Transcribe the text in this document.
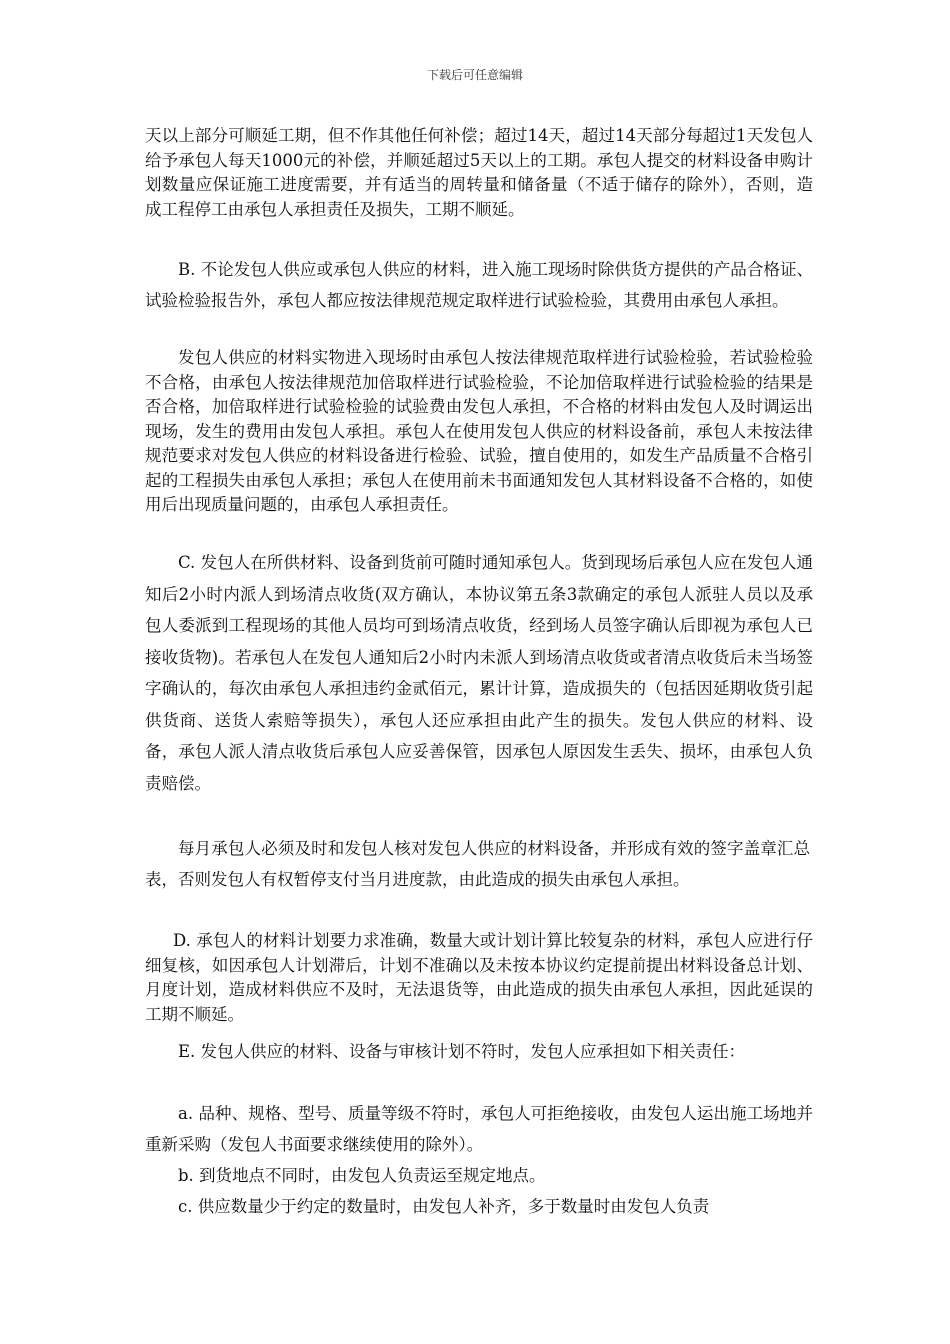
下载后可任意编辑

天以上部分可顺延工期，但不作其他任何补偿；超过14天，超过14天部分每超过1天发包人给予承包人每天1000元的补偿，并顺延超过5天以上的工期。承包人提交的材料设备申购计划数量应保证施工进度需要，并有适当的周转量和储备量（不适于储存的除外），否则，造成工程停工由承包人承担责任及损失，工期不顺延。

B. 不论发包人供应或承包人供应的材料，进入施工现场时除供货方提供的产品合格证、试验检验报告外，承包人都应按法律规范规定取样进行试验检验，其费用由承包人承担。

发包人供应的材料实物进入现场时由承包人按法律规范取样进行试验检验，若试验检验不合格，由承包人按法律规范加倍取样进行试验检验，不论加倍取样进行试验检验的结果是否合格，加倍取样进行试验检验的试验费由发包人承担，不合格的材料由发包人及时调运出现场，发生的费用由发包人承担。承包人在使用发包人供应的材料设备前，承包人未按法律规范要求对发包人供应的材料设备进行检验、试验，擅自使用的，如发生产品质量不合格引起的工程损失由承包人承担；承包人在使用前未书面通知发包人其材料设备不合格的，如使用后出现质量问题的，由承包人承担责任。

C. 发包人在所供材料、设备到货前可随时通知承包人。货到现场后承包人应在发包人通知后2小时内派人到场清点收货(双方确认，本协议第五条3款确定的承包人派驻人员以及承包人委派到工程现场的其他人员均可到场清点收货，经到场人员签字确认后即视为承包人已接收货物)。若承包人在发包人通知后2小时内未派人到场清点收货或者清点收货后未当场签字确认的，每次由承包人承担违约金贰佰元，累计计算，造成损失的（包括因延期收货引起供货商、送货人索赔等损失），承包人还应承担由此产生的损失。发包人供应的材料、设备，承包人派人清点收货后承包人应妥善保管，因承包人原因发生丢失、损坏，由承包人负责赔偿。

每月承包人必须及时和发包人核对发包人供应的材料设备，并形成有效的签字盖章汇总表，否则发包人有权暂停支付当月进度款，由此造成的损失由承包人承担。

D. 承包人的材料计划要力求准确，数量大或计划计算比较复杂的材料，承包人应进行仔细复核，如因承包人计划滞后，计划不准确以及未按本协议约定提前提出材料设备总计划、月度计划，造成材料供应不及时，无法退货等，由此造成的损失由承包人承担，因此延误的工期不顺延。

E. 发包人供应的材料、设备与审核计划不符时，发包人应承担如下相关责任：

a. 品种、规格、型号、质量等级不符时，承包人可拒绝接收，由发包人运出施工场地并重新采购（发包人书面要求继续使用的除外）。

b. 到货地点不同时，由发包人负责运至规定地点。

c. 供应数量少于约定的数量时，由发包人补齐，多于数量时由发包人负责
